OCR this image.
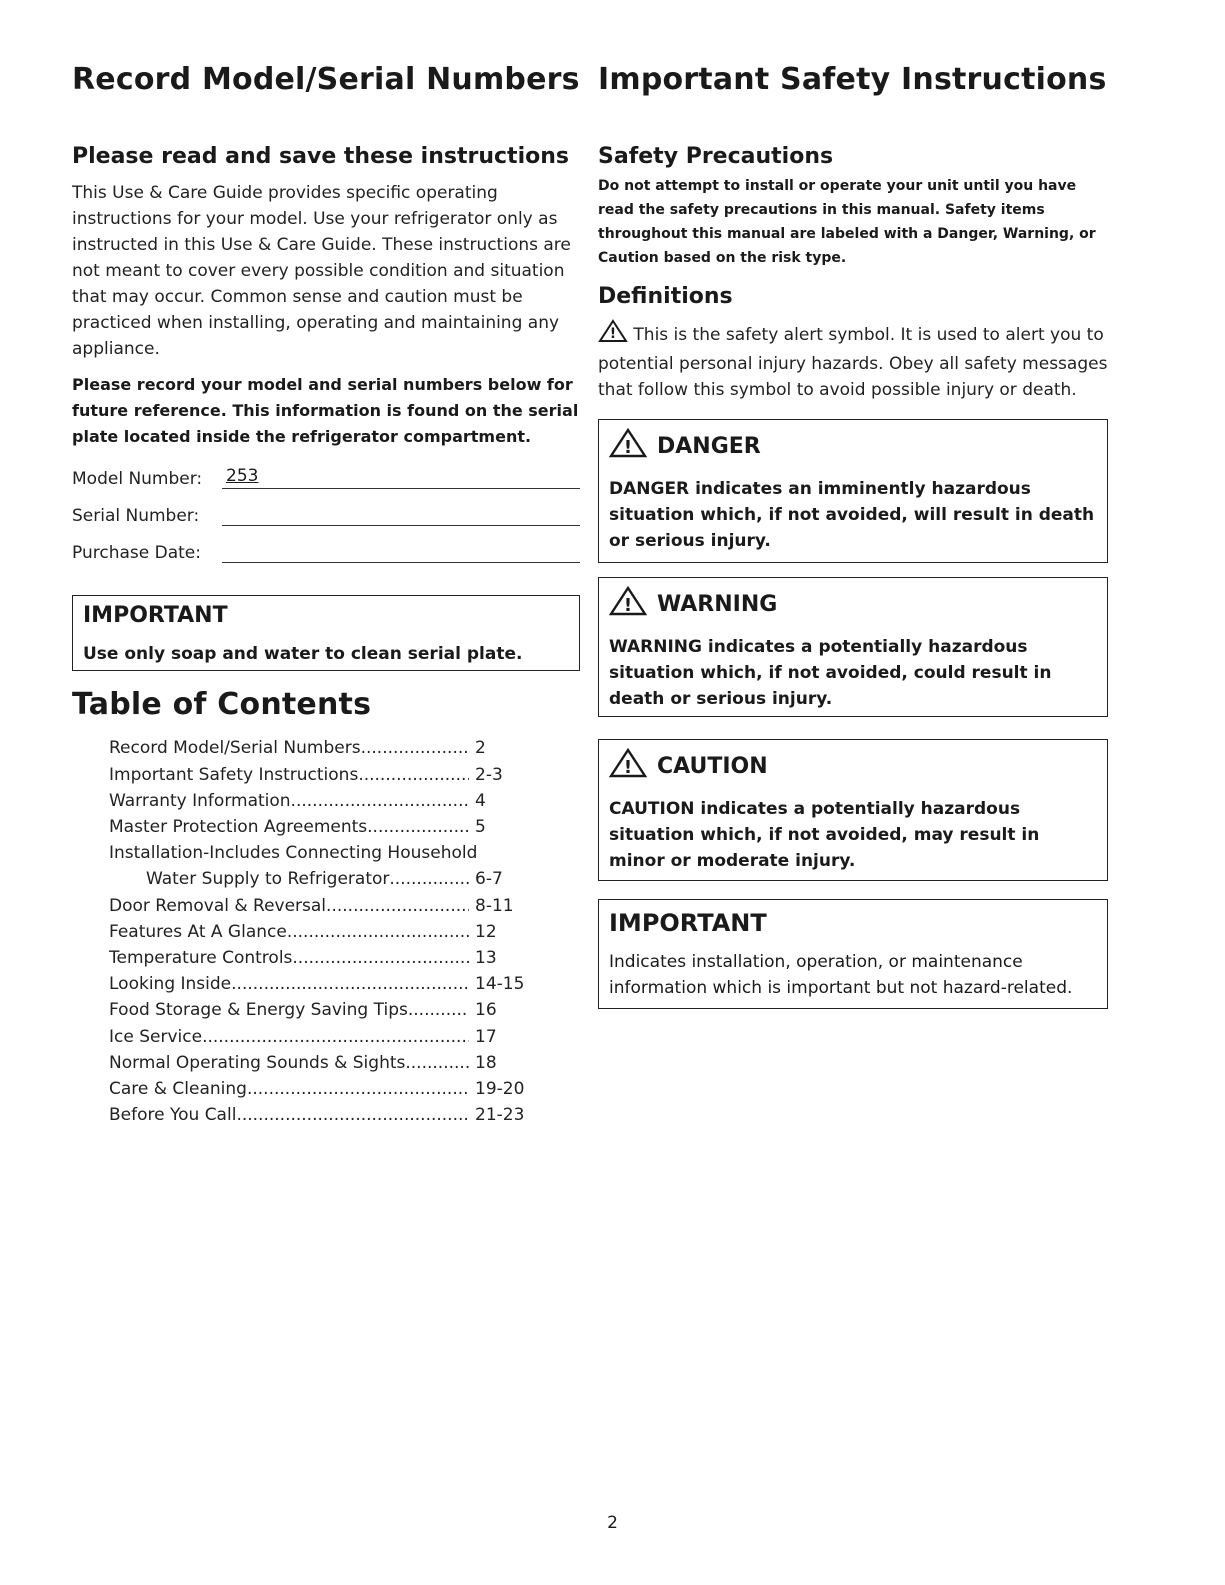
Record Model/Serial Numbers
Please read and save these instructions

This Use & Care Guide provides specific operating instructions for your model. Use your refrigerator only as instructed in this Use & Care Guide. These instructions are not meant to cover every possible condition and situation that may occur. Common sense and caution must be practiced when installing, operating and maintaining any appliance.

Please record your model and serial numbers below for future reference. This information is found on the serial plate located inside the refrigerator compartment.

Model Number:	253
Serial Number:
Purchase Date:
IMPORTANT

Use only soap and water to clean serial plate.

Table of Contents
Record Model/Serial Numbers .....	2
Important Safety Instructions .....	2-3
Warranty Information .....	4
Master Protection Agreements .....	5
Installation-Includes Connecting Household
Water Supply to Refrigerator .....	6-7
Door Removal & Reversal .....	8-11
Features At A Glance .....	12
Temperature Controls .....	13
Looking Inside .....	14-15
Food Storage & Energy Saving Tips .....	16
Ice Service .....	17
Normal Operating Sounds & Sights .....	18
Care & Cleaning .....	19-20
Before You Call .....	21-23
Important Safety Instructions
Safety Precautions

Do not attempt to install or operate your unit until you have read the safety precautions in this manual. Safety items throughout this manual are labeled with a Danger, Warning, or Caution based on the risk type.

Definitions

! This is the safety alert symbol. It is used to alert you to potential personal injury hazards. Obey all safety messages that follow this symbol to avoid possible injury or death.

! DANGER

DANGER indicates an imminently hazardous situation which, if not avoided, will result in death or serious injury.

! WARNING

WARNING indicates a potentially hazardous situation which, if not avoided, could result in death or serious injury.

! CAUTION

CAUTION indicates a potentially hazardous situation which, if not avoided, may result in minor or moderate injury.

IMPORTANT

Indicates installation, operation, or maintenance information which is important but not hazard-related.

2
